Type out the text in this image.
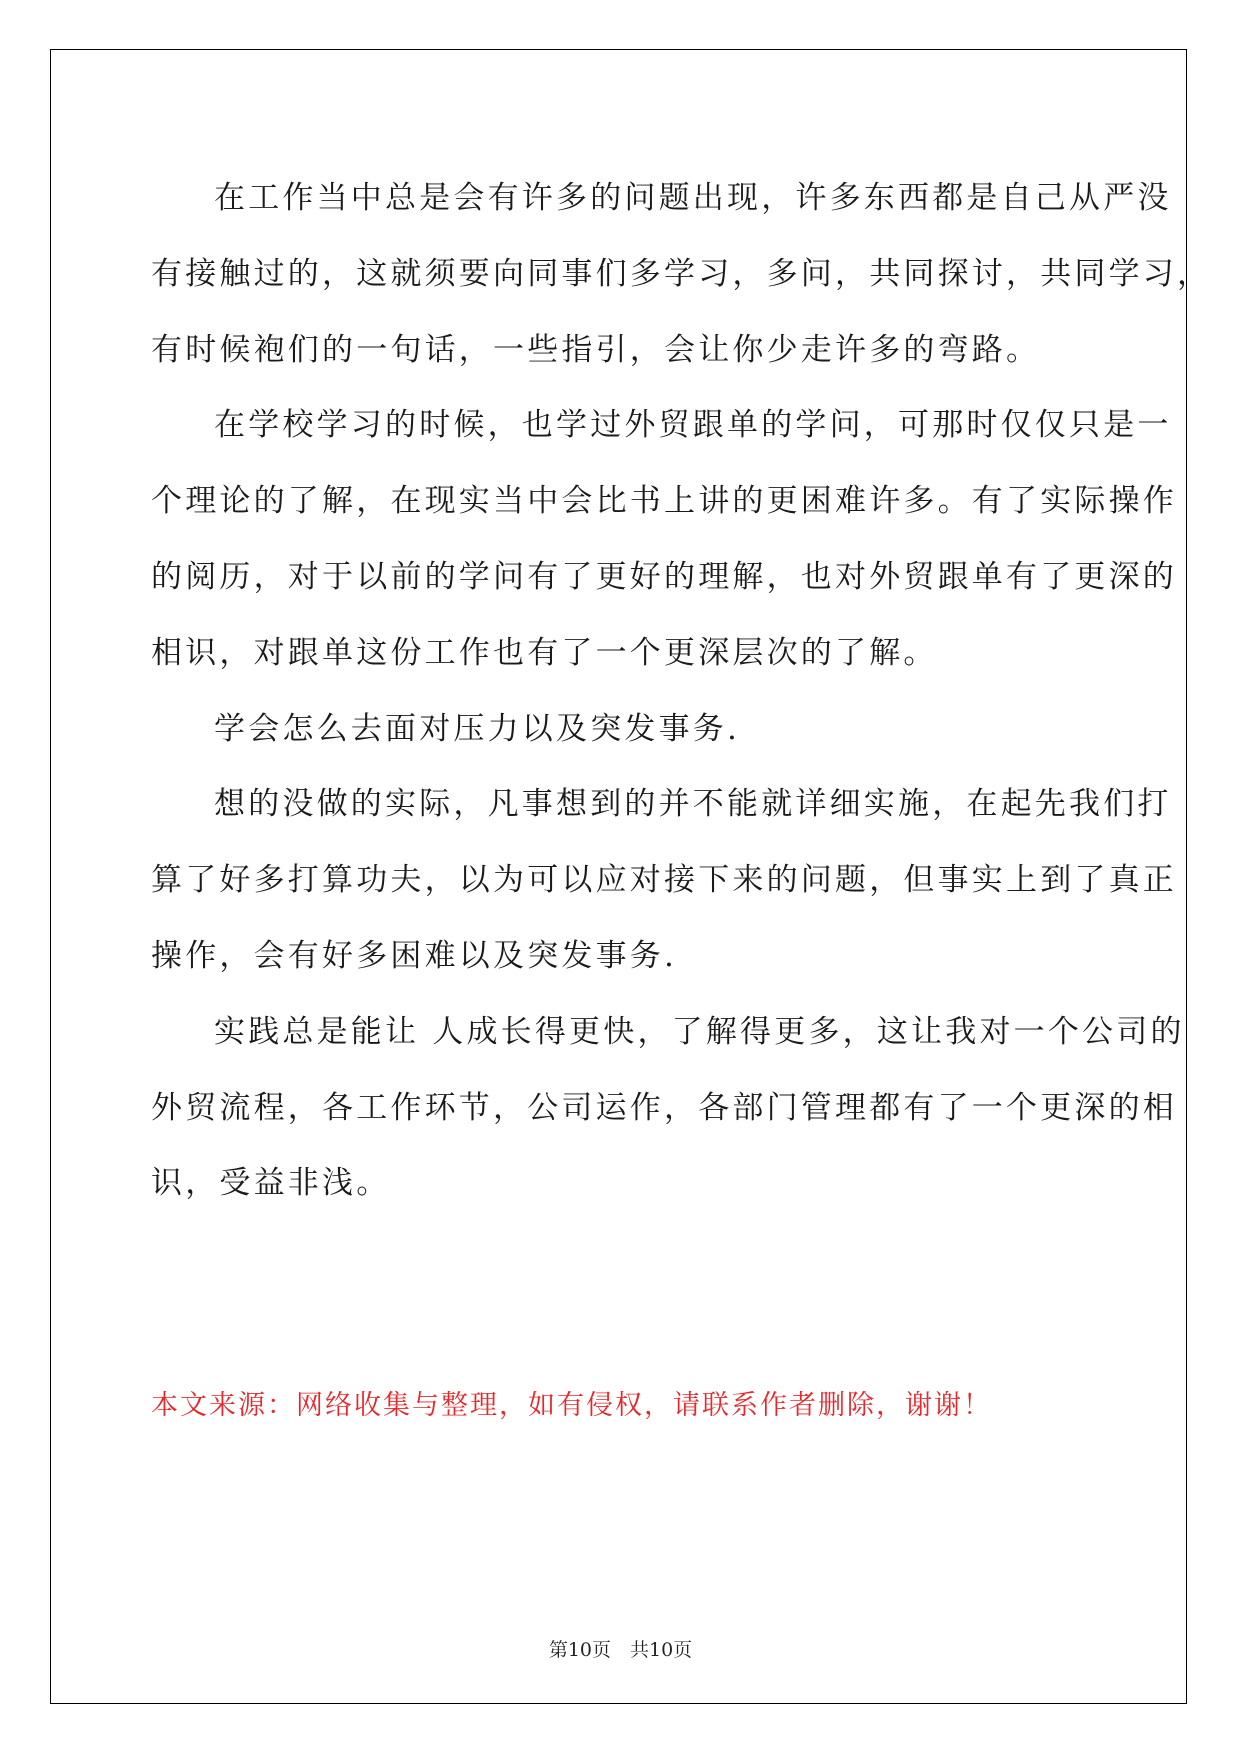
在工作当中总是会有许多的问题出现，许多东西都是自己从严没
有接触过的，这就须要向同事们多学习，多问，共同探讨，共同学习，
有时候袍们的一句话，一些指引，会让你少走许多的弯路。
在学校学习的时候，也学过外贸跟单的学问，可那时仅仅只是一
个理论的了解，在现实当中会比书上讲的更困难许多。有了实际操作
的阅历，对于以前的学问有了更好的理解，也对外贸跟单有了更深的
相识，对跟单这份工作也有了一个更深层次的了解。
学会怎么去面对压力以及突发事务.
想的没做的实际，凡事想到的并不能就详细实施，在起先我们打
算了好多打算功夫，以为可以应对接下来的问题，但事实上到了真正
操作，会有好多困难以及突发事务.
实践总是能让 人成长得更快，了解得更多，这让我对一个公司的
外贸流程，各工作环节，公司运作，各部门管理都有了一个更深的相
识，受益非浅。
本文来源：网络收集与整理，如有侵权，请联系作者删除，谢谢！
第10页　共10页
